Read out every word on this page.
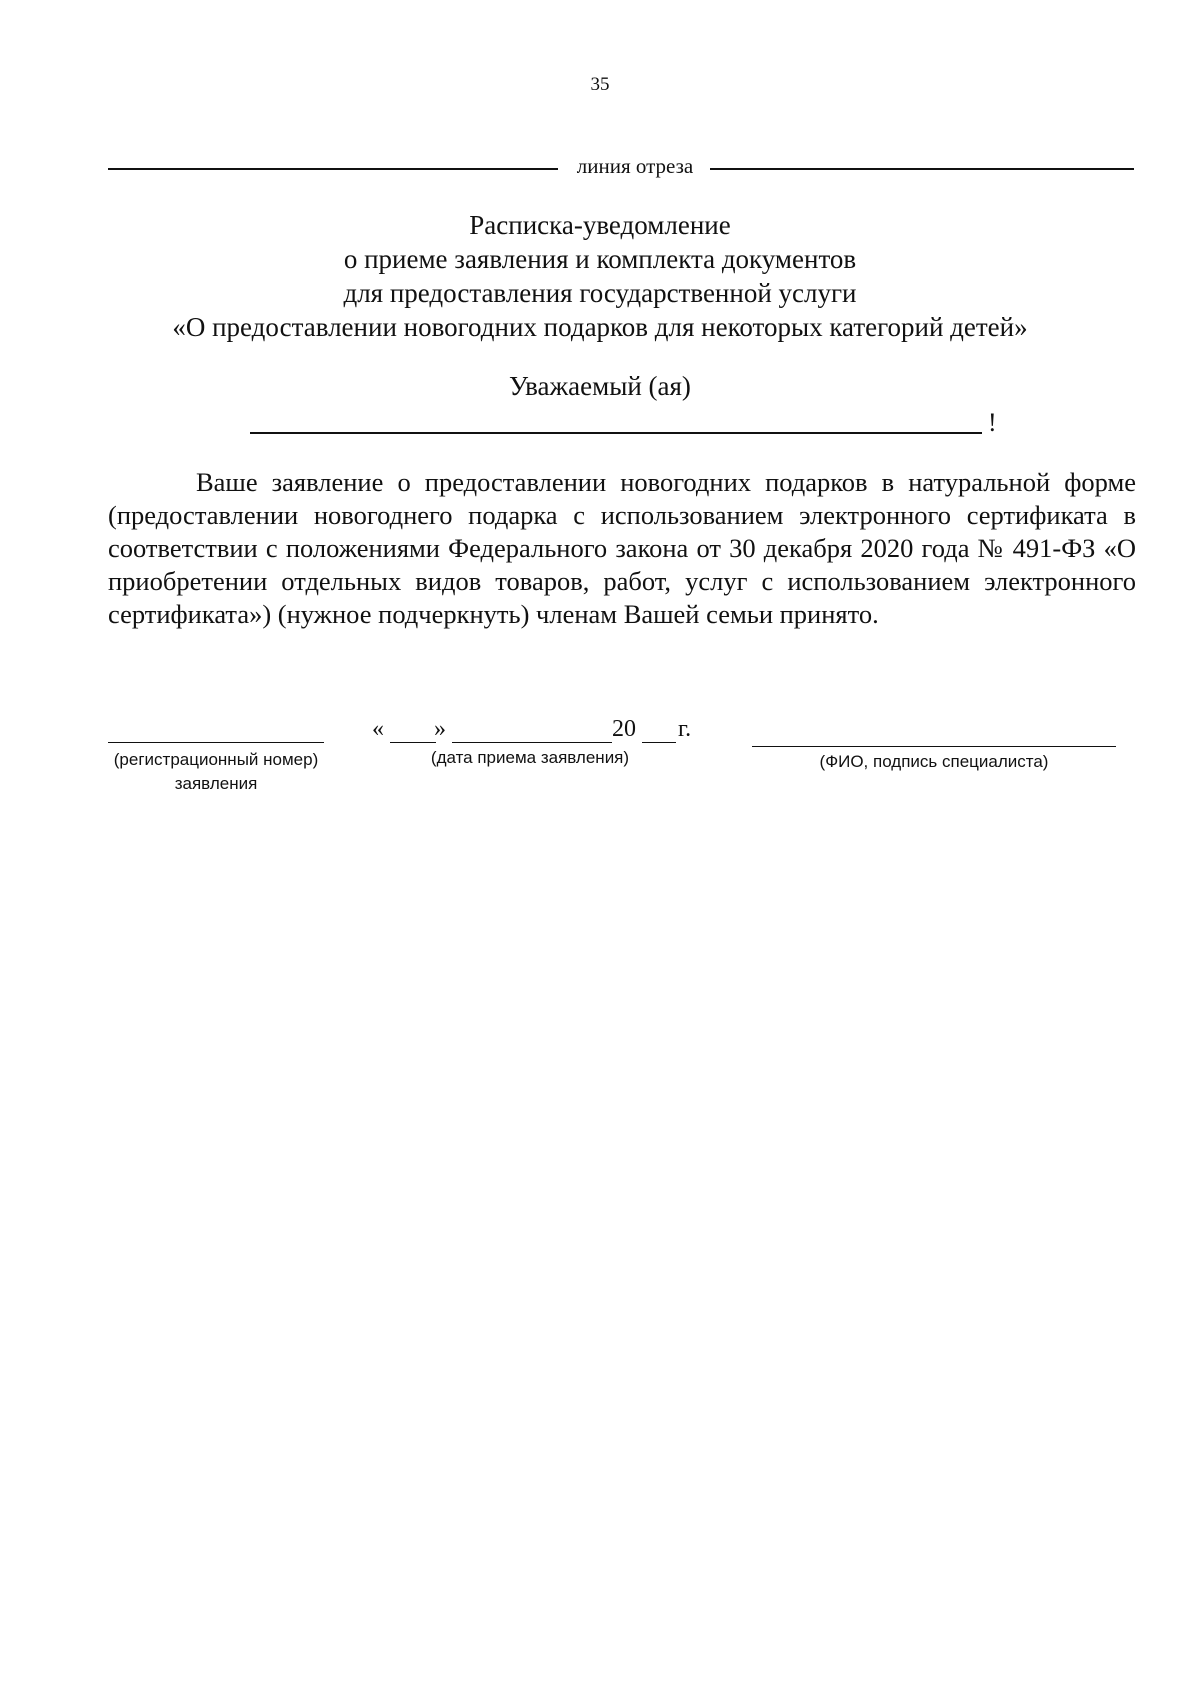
35
линия отреза
Расписка-уведомление
о приеме заявления и комплекта документов
для предоставления государственной услуги
«О предоставлении новогодних подарков для некоторых категорий детей»
Уважаемый (ая)
!

Ваше заявление о предоставлении новогодних подарков в натуральной форме (предоставлении новогоднего подарка с использованием электронного сертификата в соответствии с положениями Федерального закона от 30 декабря 2020 года № 491-ФЗ «О приобретении отдельных видов товаров, работ, услуг с использованием электронного сертификата») (нужное подчеркнуть) членам Вашей семьи принято.

(регистрационный номер)
заявления
« »	20 г.
(дата приема заявления)	(ФИО, подпись специалиста)
